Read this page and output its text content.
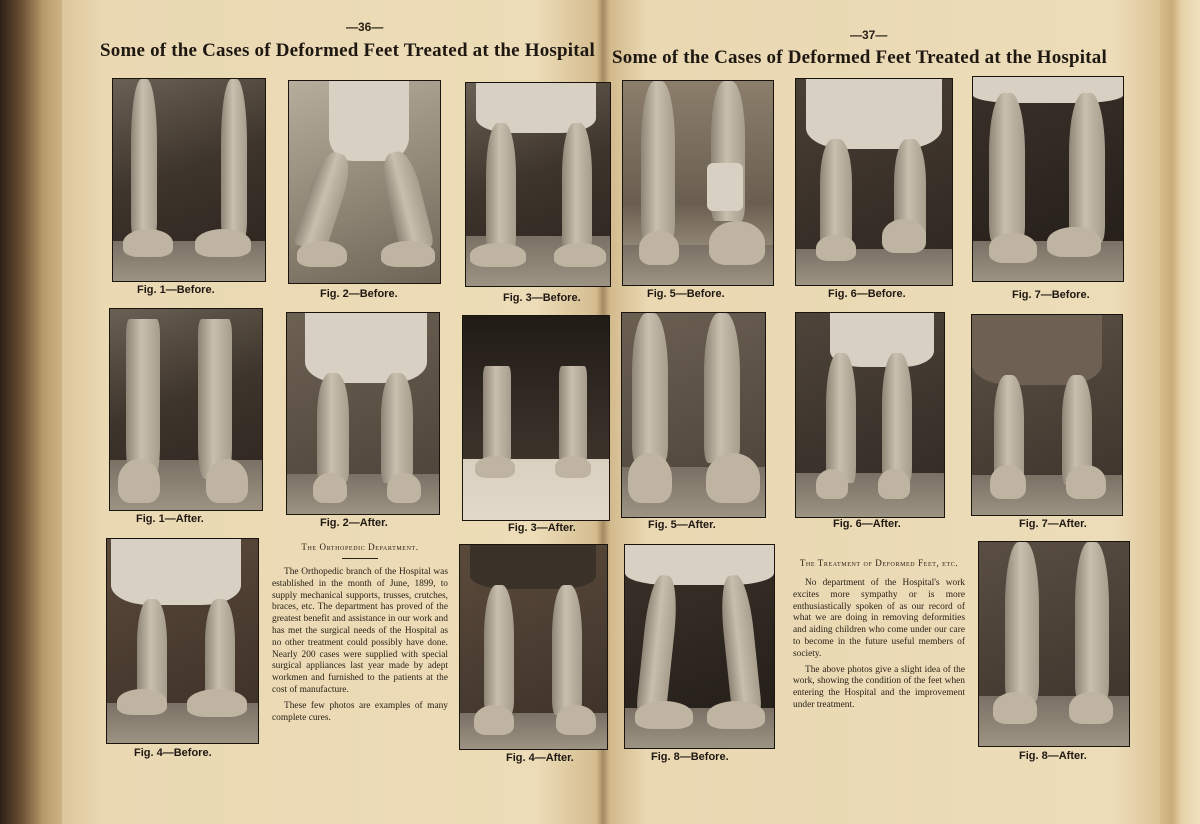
—36—
—37—
Some of the Cases of Deformed Feet Treated at the Hospital Some of the Cases of Deformed Feet Treated at the Hospital
Fig. 1—Before.	Fig. 2—Before.	Fig. 3—Before.
Fig. 1—After.	Fig. 2—After.	Fig. 3—After.
Fig. 4—Before.
The Orthopedic Department.

The Orthopedic branch of the Hospital was established in the month of June, 1899, to supply mechanical supports, trusses, crutches, braces, etc. The department has proved of the greatest benefit and assistance in our work and has met the surgical needs of the Hospital as no other treatment could possibly have done. Nearly 200 cases were supplied with special surgical appliances last year made by adept workmen and furnished to the patients at the cost of manufacture.

These few photos are examples of many complete cures.

Fig. 4—After.
Fig. 5—Before.	Fig. 6—Before.	Fig. 7—Before.
Fig. 5—After.	Fig. 6—After.	Fig. 7—After.
Fig. 8—Before.
The Treatment of Deformed Feet, etc.

No department of the Hospital's work excites more sympathy or is more enthusiastically spoken of as our record of what we are doing in removing deformities and aiding children who come under our care to become in the future useful members of society.

The above photos give a slight idea of the work, showing the condition of the feet when entering the Hospital and the improvement under treatment.

Fig. 8—After.
